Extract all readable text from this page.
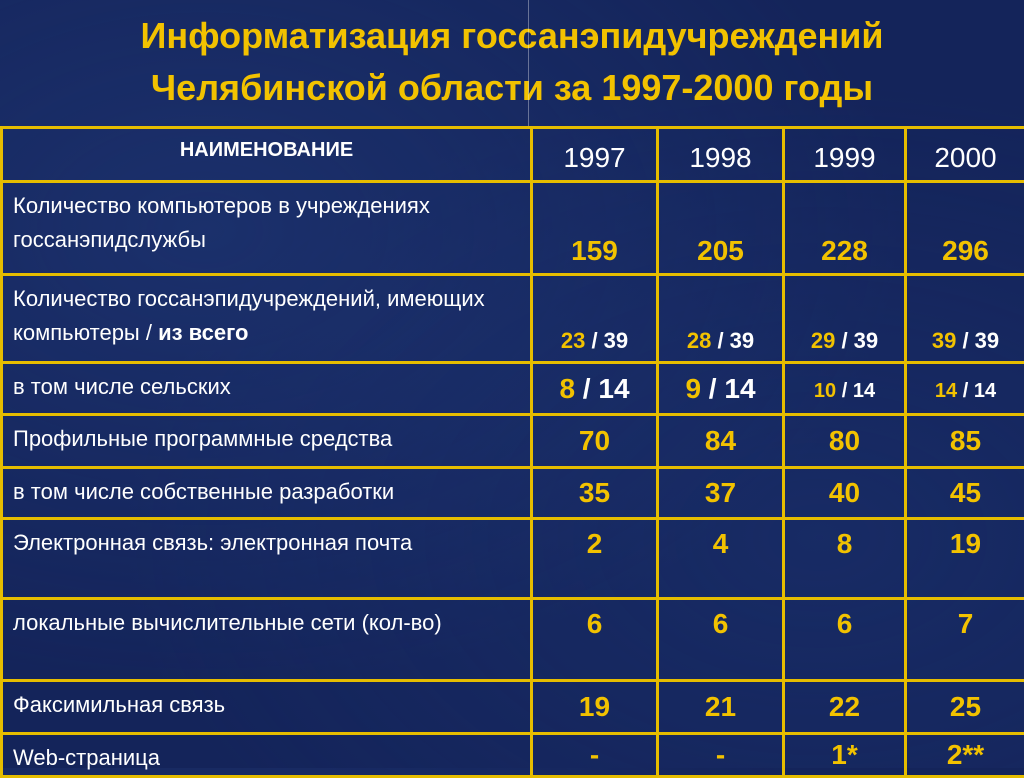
Информатизация госсанэпидучреждений
Челябинской области за 1997-2000 годы
НАИМЕНОВАНИЕ	1997	1998	1999	2000
Количество компьютеров в учреждениях госсанэпидслужбы	159	205	228	296
Количество госсанэпидучреждений, имеющих компьютеры / из всего	23 / 39	28 / 39	29 / 39	39 / 39
в том числе сельских	8 / 14	9 / 14	10 / 14	14 / 14
Профильные программные средства	70	84	80	85
в том числе собственные разработки	35	37	40	45
Электронная связь: электронная почта	2	4	8	19
локальные вычислительные сети (кол-во)	6	6	6	7
Факсимильная связь	19	21	22	25
Web-страница	-	-	1*	2**
